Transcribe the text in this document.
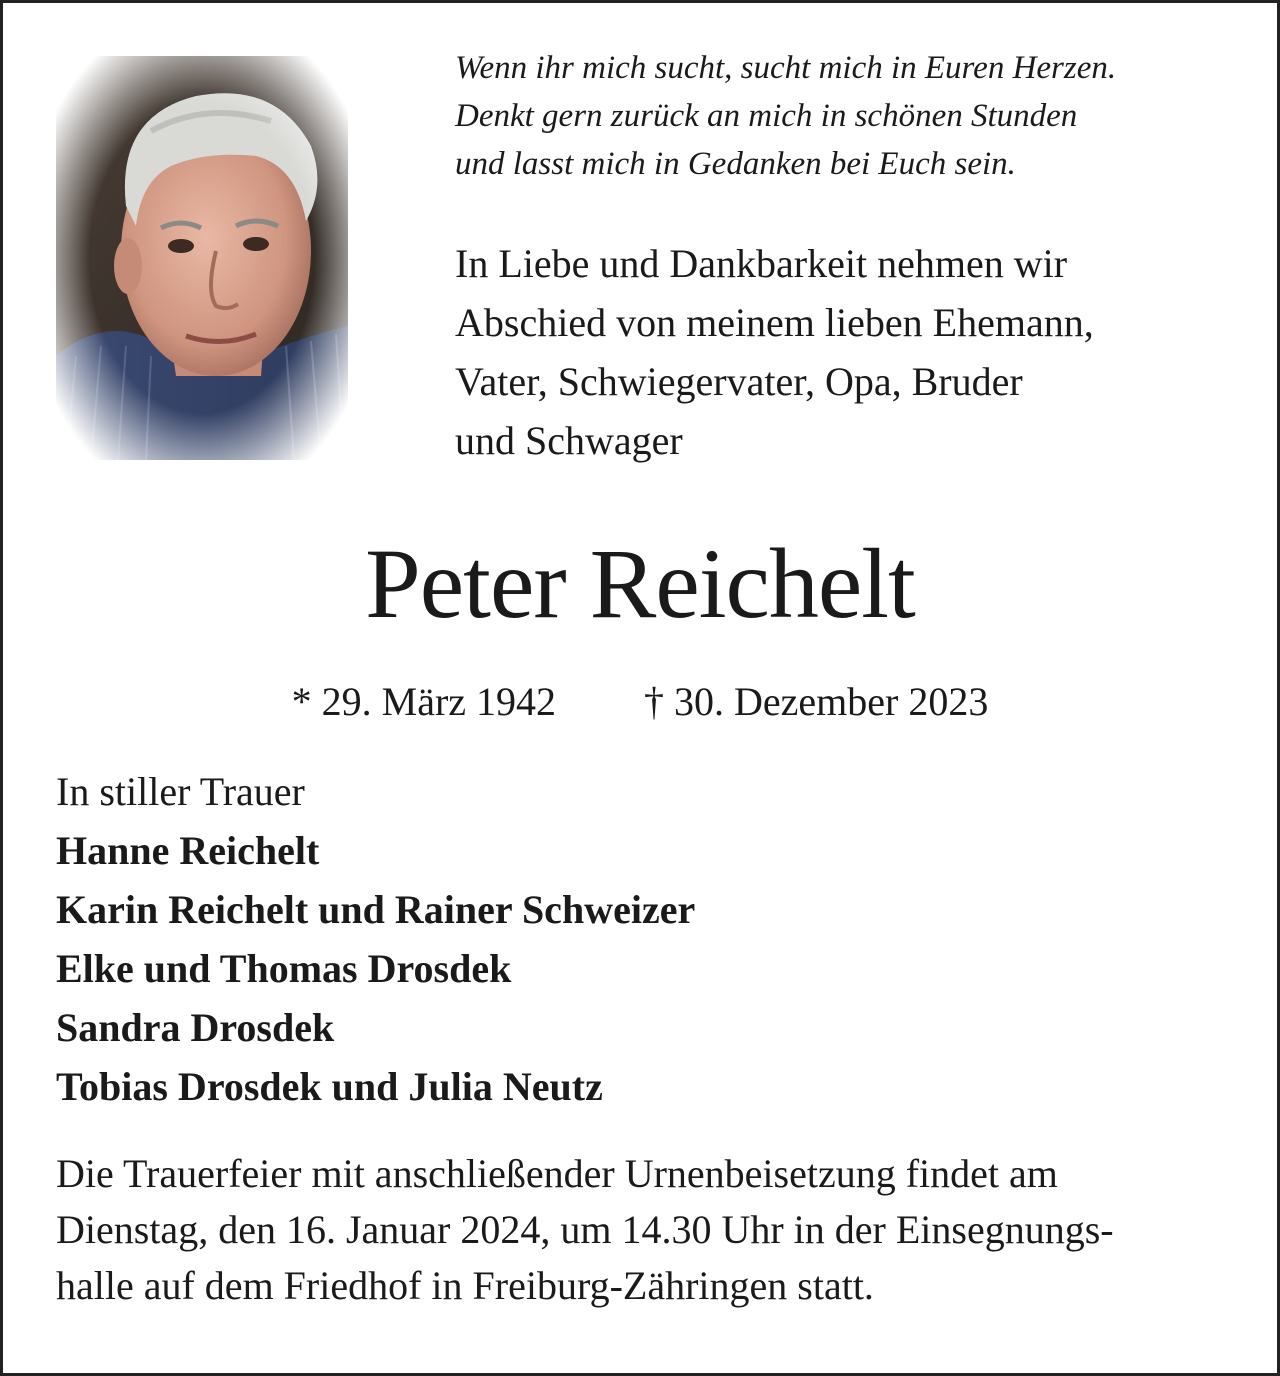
Wenn ihr mich sucht, sucht mich in Euren Herzen.
Denkt gern zurück an mich in schönen Stunden
und lasst mich in Gedanken bei Euch sein.
In Liebe und Dankbarkeit nehmen wir
Abschied von meinem lieben Ehemann,
Vater, Schwiegervater, Opa, Bruder
und Schwager
Peter Reichelt
* 29. März 1942 † 30. Dezember 2023
In stiller Trauer
Hanne Reichelt
Karin Reichelt und Rainer Schweizer
Elke und Thomas Drosdek
Sandra Drosdek
Tobias Drosdek und Julia Neutz
Die Trauerfeier mit anschließender Urnenbeisetzung findet am
Dienstag, den 16. Januar 2024, um 14.30 Uhr in der Einsegnungs-
halle auf dem Friedhof in Freiburg-Zähringen statt.
